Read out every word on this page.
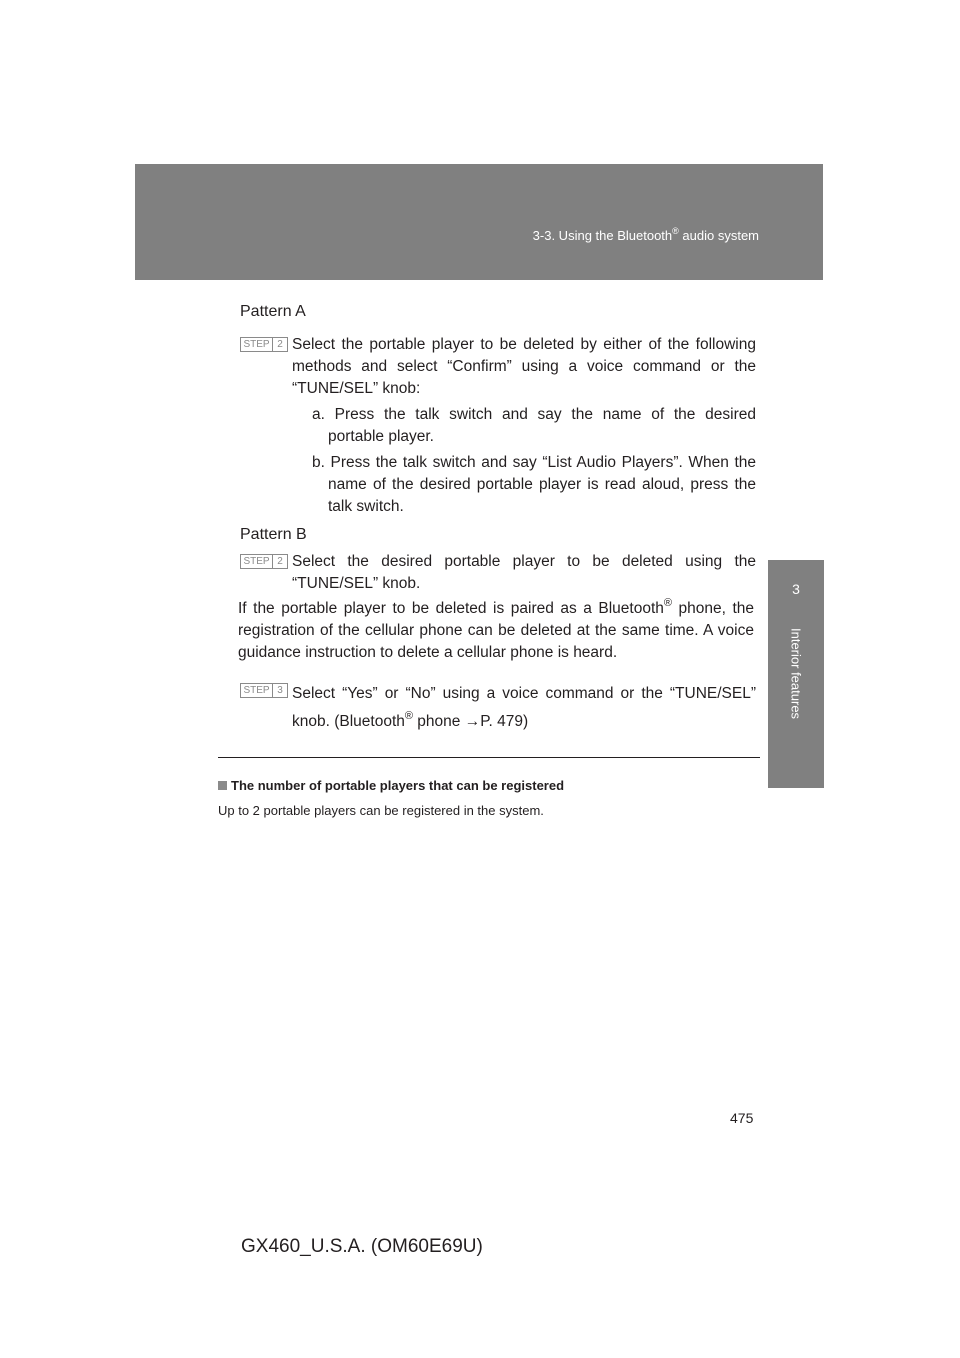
3-3. Using the Bluetooth® audio system
3
Interior features
Pattern A
STEP 2 Select the portable player to be deleted by either of the following methods and select “Confirm” using a voice command or the “TUNE/SEL” knob:
a. Press the talk switch and say the name of the desired portable player.
b. Press the talk switch and say “List Audio Players”. When the name of the desired portable player is read aloud, press the talk switch.
Pattern B
STEP 2 Select the desired portable player to be deleted using the “TUNE/SEL” knob.
If the portable player to be deleted is paired as a Bluetooth® phone, the registration of the cellular phone can be deleted at the same time. A voice guidance instruction to delete a cellular phone is heard.
STEP 3 Select “Yes” or “No” using a voice command or the “TUNE/SEL” knob. (Bluetooth® phone →P. 479)
The number of portable players that can be registered
Up to 2 portable players can be registered in the system.
475
GX460_U.S.A. (OM60E69U)
